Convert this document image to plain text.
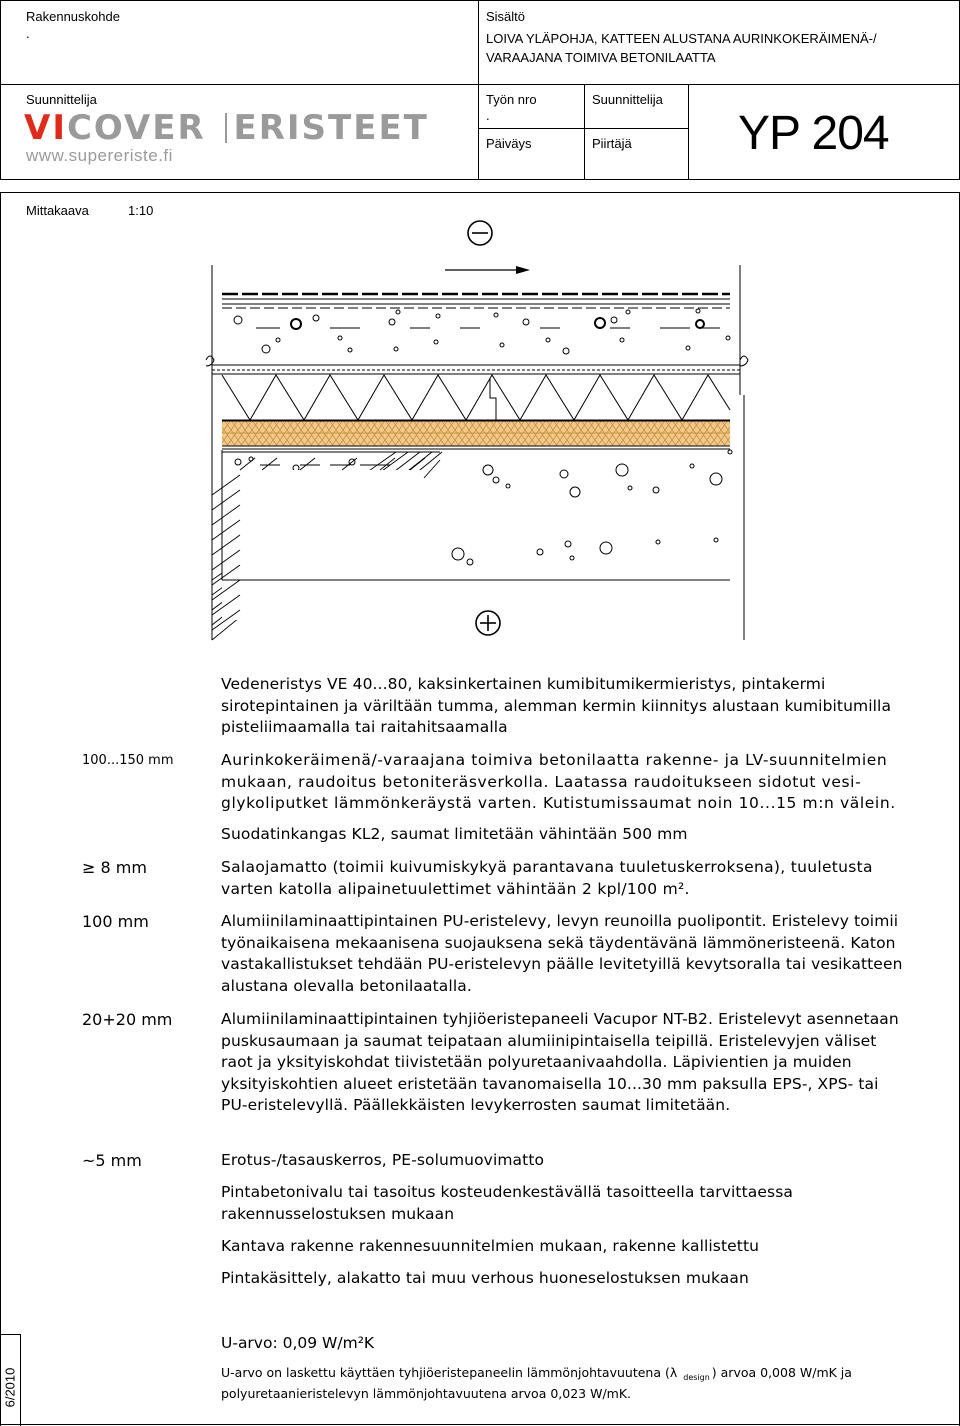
Rakennuskohde
.
Sisältö
LOIVA YLÄPOHJA, KATTEEN ALUSTANA AURINKOKERÄIMENÄ-/
VARAAJANA TOIMIVA BETONILAATTA
Suunnittelija
VICOVER ERISTEET
www.supereriste.fi
Työn nro
.
Suunnittelija
Päiväys	Piirtäjä YP 204
Mittakaava	1:10
Vedeneristys VE 40...80, kaksinkertainen kumibitumikermieristys, pintakermi sirotepintainen ja väriltään tumma, alemman kermin kiinnitys alustaan kumibitumilla pisteliimaamalla tai raitahitsaamalla
100...150 mm	Aurinkokeräimenä/-varaajana toimiva betonilaatta rakenne- ja LV-suunnitelmien mukaan, raudoitus betoniteräsverkolla. Laatassa raudoitukseen sidotut vesi-glykoliputket lämmönkeräystä varten. Kutistumissaumat noin 10...15 m:n välein.
Suodatinkangas KL2, saumat limitetään vähintään 500 mm
≥ 8 mm	Salaojamatto (toimii kuivumiskykyä parantavana tuuletuskerroksena), tuuletusta varten katolla alipainetuulettimet vähintään 2 kpl/100 m².
100 mm	Alumiinilaminaattipintainen PU-eristelevy, levyn reunoilla puolipontit. Eristelevy toimii työnaikaisena mekaanisena suojauksena sekä täydentävänä lämmöneristeenä. Katon vastakallistukset tehdään PU-eristelevyn päälle levitetyillä kevytsoralla tai vesikatteen alustana olevalla betonilaatalla.
20+20 mm	Alumiinilaminaattipintainen tyhjiöeristepaneeli Vacupor NT-B2. Eristelevyt asennetaan puskusaumaan ja saumat teipataan alumiinipintaisella teipillä. Eristelevyjen väliset raot ja yksityiskohdat tiivistetään polyuretaanivaahdolla. Läpivientien ja muiden yksityiskohtien alueet eristetään tavanomaisella 10...30 mm paksulla EPS-, XPS- tai PU-eristelevyllä. Päällekkäisten levykerrosten saumat limitetään.
~5 mm	Erotus-/tasauskerros, PE-solumuovimatto
Pintabetonivalu tai tasoitus kosteudenkestävällä tasoitteella tarvittaessa rakennusselostuksen mukaan
Kantava rakenne rakennesuunnitelmien mukaan, rakenne kallistettu
Pintakäsittely, alakatto tai muu verhous huoneselostuksen mukaan
U-arvo: 0,09 W/m²K
U-arvo on laskettu käyttäen tyhjiöeristepaneelin lämmönjohtavuutena (λ $_{design}$ ) arvoa 0,008 W/mK ja
polyuretaanieristelevyn lämmönjohtavuutena arvoa 0,023 W/mK.
6/2010
